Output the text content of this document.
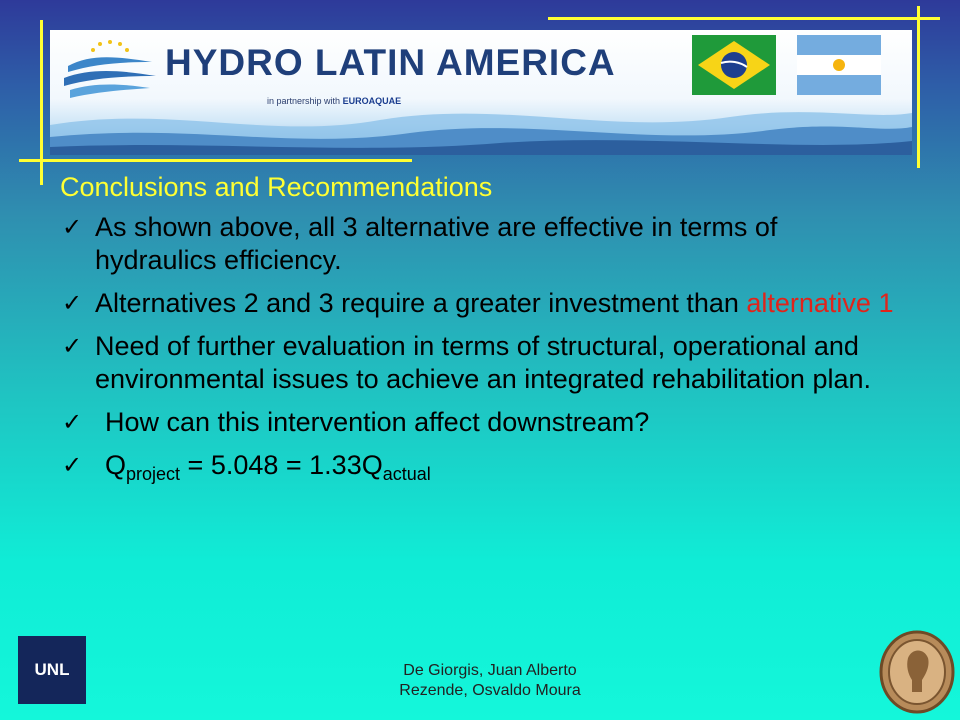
HYDRO LATIN AMERICA
in partnership with EUROAQUAE
Conclusions and Recommendations
✓ As shown above, all 3 alternative are effective in terms of hydraulics efficiency.
✓ Alternatives 2 and 3 require a greater investment than alternative 1
✓ Need of further evaluation in terms of structural, operational and environmental issues to achieve an integrated rehabilitation plan.
✓ How can this intervention affect downstream?
✓ $Q_{project} = 5.048 = 1.33Q_{actual}$
UNL	De Giorgis, Juan Alberto
Rezende, Osvaldo Moura
